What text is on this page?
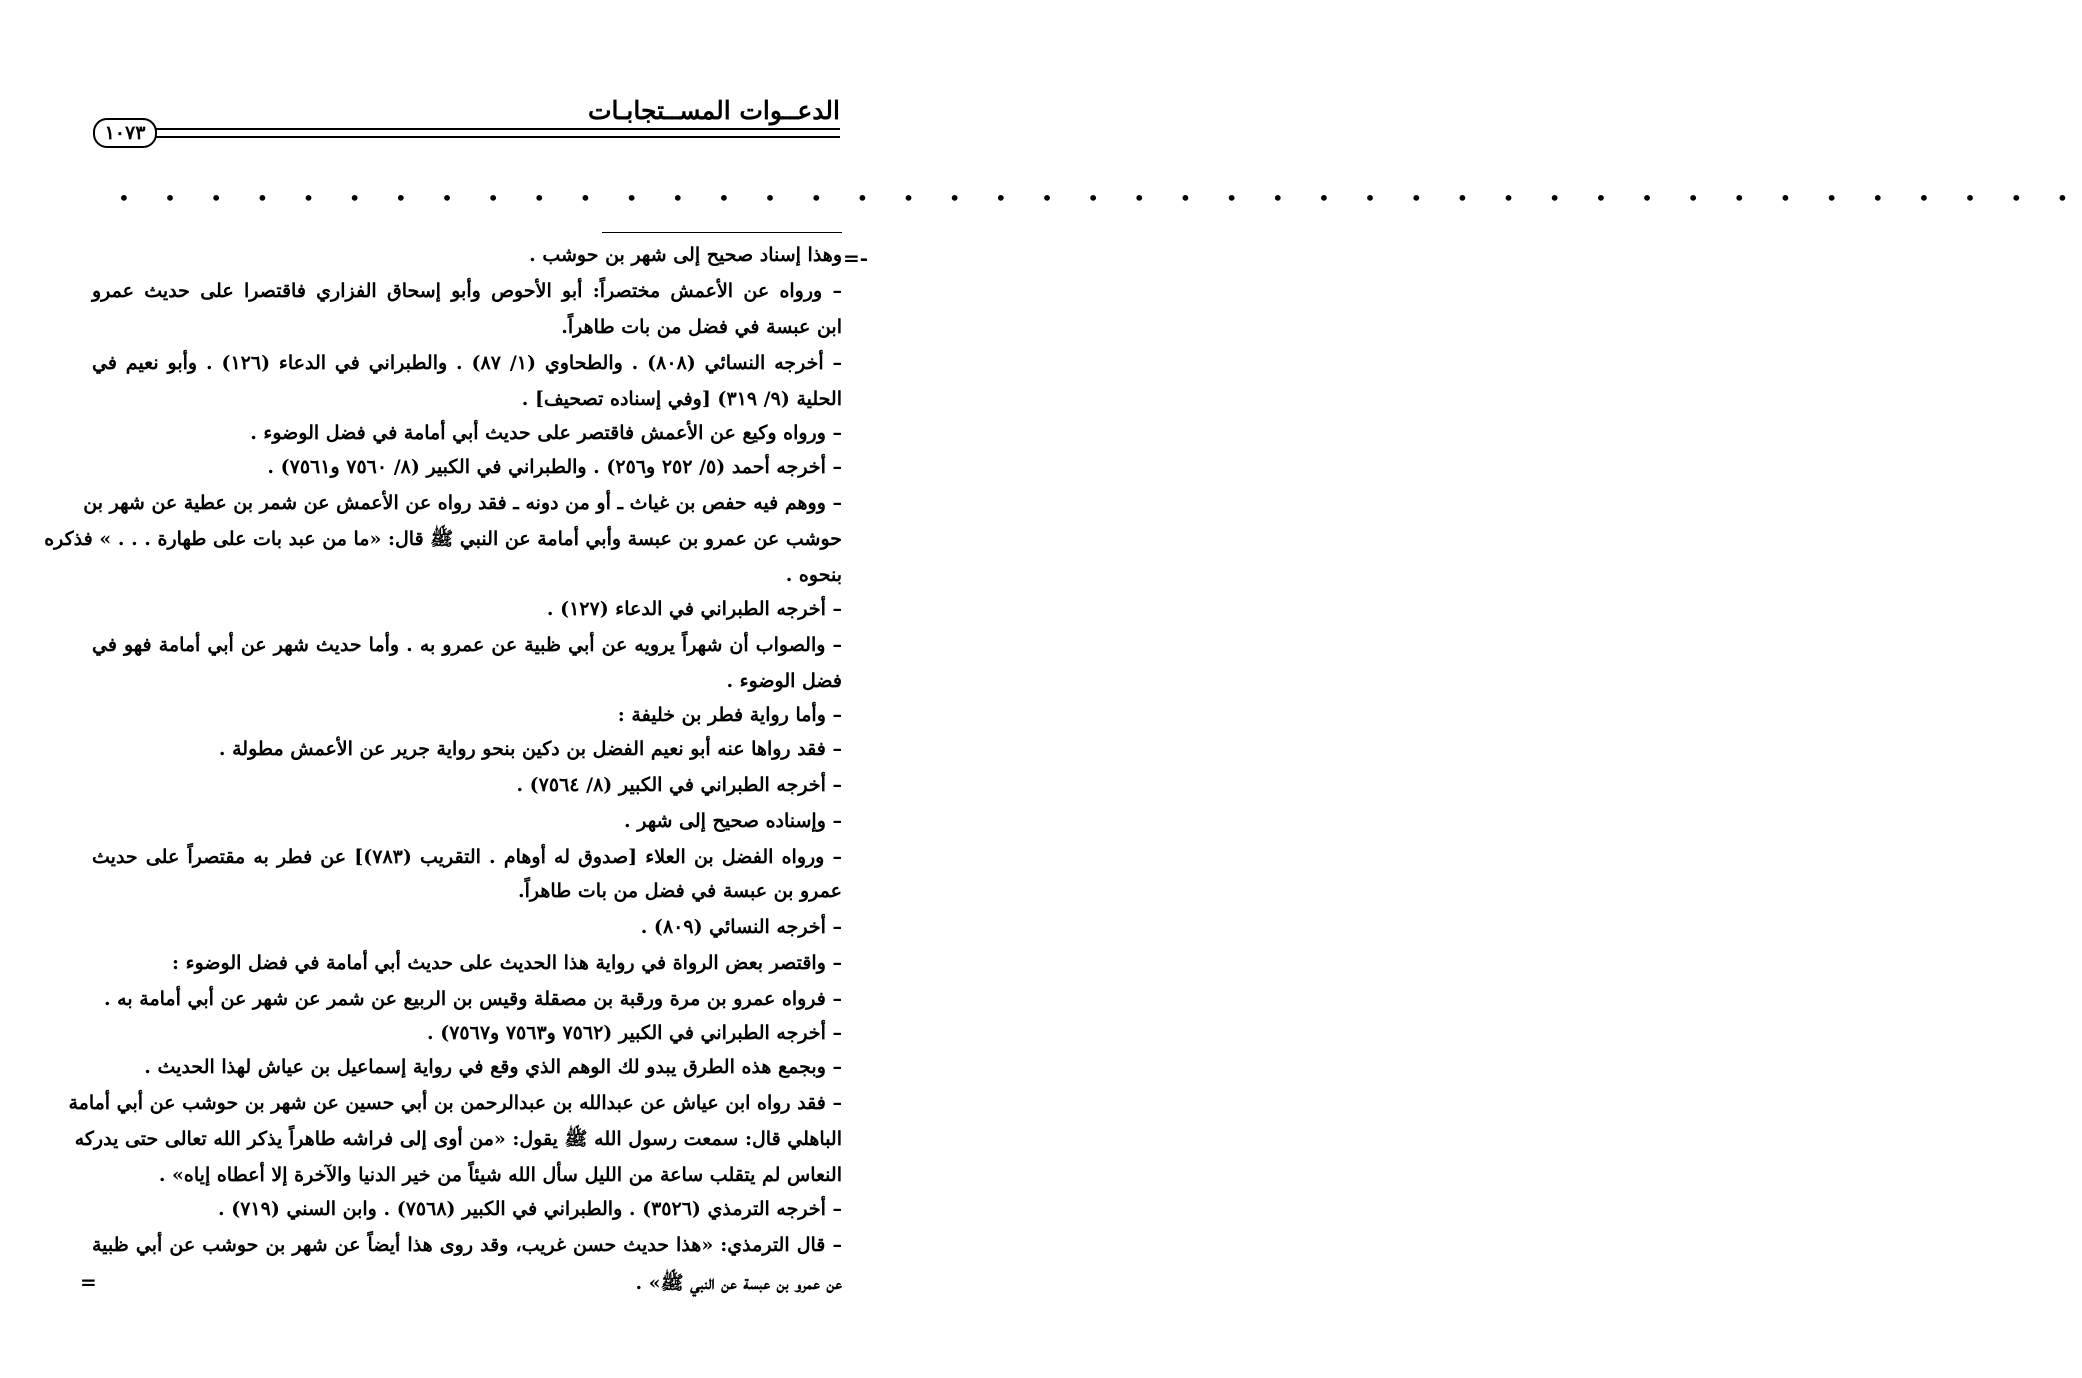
الدعــوات المســتجابـات
١٠٧٣
• • • • • • • • • • • • • • • • • • • • • • • • • • • • • • • • • • • • • • • • • • •
=-
=
وهذا إسناد صحيح إلى شهر بن حوشب .
– ورواه عن الأعمش مختصراً: أبو الأحوص وأبو إسحاق الفزاري فاقتصرا على حديث عمرو
ابن عبسة في فضل من بات طاهراً.
– أخرجه النسائي (٨٠٨) . والطحاوي (١/ ٨٧) . والطبراني في الدعاء (١٢٦) . وأبو نعيم في
الحلية (٩/ ٣١٩) [وفي إسناده تصحيف] .
– ورواه وكيع عن الأعمش فاقتصر على حديث أبي أمامة في فضل الوضوء .
– أخرجه أحمد (٥/ ٢٥٢ و٢٥٦) . والطبراني في الكبير (٨/ ٧٥٦٠ و٧٥٦١) .
– ووهم فيه حفص بن غياث ـ أو من دونه ـ فقد رواه عن الأعمش عن شمر بن عطية عن شهر بن
حوشب عن عمرو بن عبسة وأبي أمامة عن النبي ﷺ قال: «ما من عبد بات على طهارة . . . » فذكره
بنحوه .
– أخرجه الطبراني في الدعاء (١٢٧) .
– والصواب أن شهراً يرويه عن أبي ظبية عن عمرو به . وأما حديث شهر عن أبي أمامة فهو في
فضل الوضوء .
– وأما رواية فطر بن خليفة :
– فقد رواها عنه أبو نعيم الفضل بن دكين بنحو رواية جرير عن الأعمش مطولة .
– أخرجه الطبراني في الكبير (٨/ ٧٥٦٤) .
– وإسناده صحيح إلى شهر .
– ورواه الفضل بن العلاء [صدوق له أوهام . التقريب (٧٨٣)] عن فطر به مقتصراً على حديث
عمرو بن عبسة في فضل من بات طاهراً.
– أخرجه النسائي (٨٠٩) .
– واقتصر بعض الرواة في رواية هذا الحديث على حديث أبي أمامة في فضل الوضوء :
– فرواه عمرو بن مرة ورقبة بن مصقلة وقيس بن الربيع عن شمر عن شهر عن أبي أمامة به .
– أخرجه الطبراني في الكبير (٧٥٦٢ و٧٥٦٣ و٧٥٦٧) .
– وبجمع هذه الطرق يبدو لك الوهم الذي وقع في رواية إسماعيل بن عياش لهذا الحديث .
– فقد رواه ابن عياش عن عبدالله بن عبدالرحمن بن أبي حسين عن شهر بن حوشب عن أبي أمامة
الباهلي قال: سمعت رسول الله ﷺ يقول: «من أوى إلى فراشه طاهراً يذكر الله تعالى حتى يدركه
النعاس لم يتقلب ساعة من الليل سأل الله شيئاً من خير الدنيا والآخرة إلا أعطاه إياه» .
– أخرجه الترمذي (٣٥٢٦) . والطبراني في الكبير (٧٥٦٨) . وابن السني (٧١٩) .
– قال الترمذي: «هذا حديث حسن غريب، وقد روى هذا أيضاً عن شهر بن حوشب عن أبي ظبية
عن عمرو بن عبسة عن النبي ﷺ» .
